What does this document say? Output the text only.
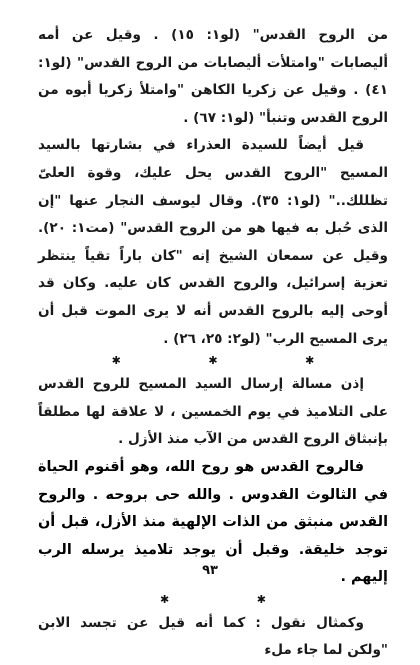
من الروح القدس" (لو١: ١٥) . وقيل عن أمه أليصابات "وامتلأت أليصابات من الروح القدس" (لو١: ٤١) . وقيل عن زكريا الكاهن "وامتلأ زكريا أبوه من الروح القدس وتنبأ" (لو١: ٦٧) .

قيل أيضاً للسيدة العذراء في بشارتها بالسيد المسيح "الروح القدس يحل عليك، وقوة العلىّ تظللك.." (لو١: ٣٥). وقال ليوسف النجار عنها "إن الذى حُبل به فيها هو من الروح القدس" (مت١: ٢٠). وقيل عن سمعان الشيخ إنه "كان باراً تقياً ينتظر تعزية إسرائيل، والروح القدس كان عليه. وكان قد أوحى إليه بالروح القدس أنه لا يرى الموت قبل أن يرى المسيح الرب" (لو٢: ٢٥، ٢٦) .

✱ ✱ ✱

إذن مسالة إرسال السيد المسيح للروح القدس على التلاميذ في يوم الخمسين ، لا علاقة لها مطلقاً بإنبثاق الروح القدس من الآب منذ الأزل .

فالروح القدس هو روح الله، وهو أقنوم الحياة في الثالوث القدوس . والله حى بروحه . والروح القدس منبثق من الذات الإلهية منذ الأزل، قبل أن توجد خليقة. وقبل أن يوجد تلاميذ يرسله الرب إليهم .

✱ ✱

وكمثال نقول : كما أنه قيل عن تجسد الابن "ولكن لما جاء ملء

٩٣
